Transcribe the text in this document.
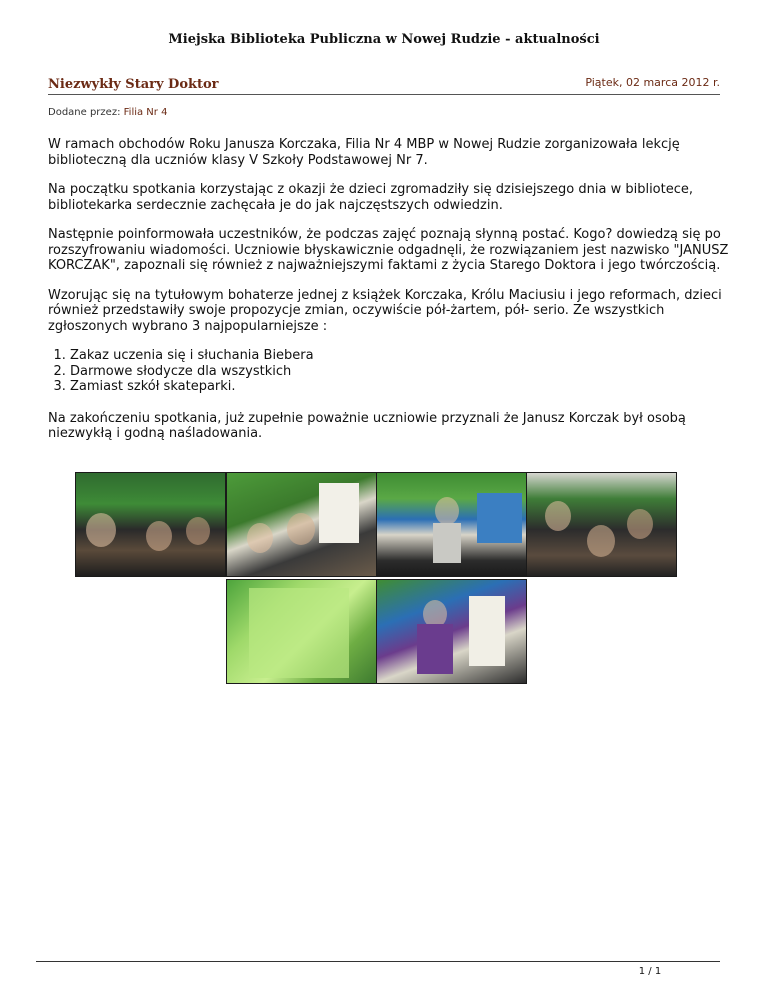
Miejska Biblioteka Publiczna w Nowej Rudzie - aktualności
Niezwykły Stary Doktor	Piątek, 02 marca 2012 r.
Dodane przez: Filia Nr 4

W ramach obchodów Roku Janusza Korczaka, Filia Nr 4 MBP w Nowej Rudzie zorganizowała lekcję biblioteczną dla uczniów klasy V Szkoły Podstawowej Nr 7.

Na początku spotkania korzystając z okazji że dzieci zgromadziły się dzisiejszego dnia w bibliotece, bibliotekarka serdecznie zachęcała je do jak najczęstszych odwiedzin.

Następnie poinformowała uczestników, że podczas zajęć poznają słynną postać. Kogo? dowiedzą się po rozszyfrowaniu wiadomości. Uczniowie błyskawicznie odgadnęli, że rozwiązaniem jest nazwisko "JANUSZ KORCZAK", zapoznali się również z najważniejszymi faktami z życia Starego Doktora i jego twórczością.

Wzorując się na tytułowym bohaterze jednej z książek Korczaka, Królu Maciusiu i jego reformach, dzieci również przedstawiły swoje propozycje zmian, oczywiście pół-żartem, pół- serio. Ze wszystkich zgłoszonych wybrano 3 najpopularniejsze :

1. Zakaz uczenia się i słuchania Biebera
2. Darmowe słodycze dla wszystkich
3. Zamiast szkół skateparki.

Na zakończeniu spotkania, już zupełnie poważnie uczniowie przyznali że Janusz Korczak był osobą niezwykłą i godną naśladowania.

1 / 1
